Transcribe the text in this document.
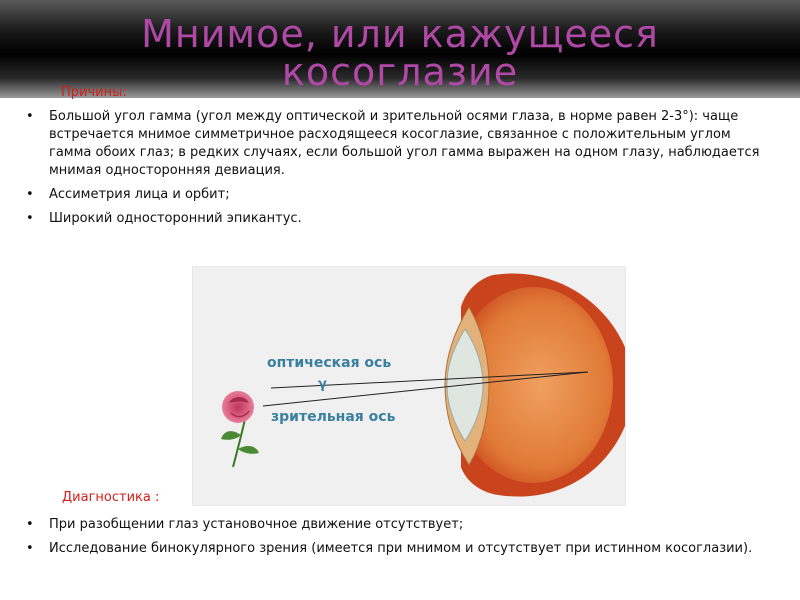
Мнимое, или кажущееся
косоглазие
Причины:
• Большой угол гамма (угол между оптической и зрительной осями глаза, в норме равен 2-3°): чаще встречается мнимое симметричное расходящееся косоглазие, связанное с положительным углом гамма обоих глаз; в редких случаях, если большой угол гамма выражен на одном глазу, наблюдается мнимая односторонняя девиация.
• Ассиметрия лица и орбит;
• Широкий односторонний эпикантус.
оптическая ось
γ
зрительная ось
Диагностика :
• При разобщении глаз установочное движение отсутствует;
• Исследование бинокулярного зрения (имеется при мнимом и отсутствует при истинном косоглазии).
